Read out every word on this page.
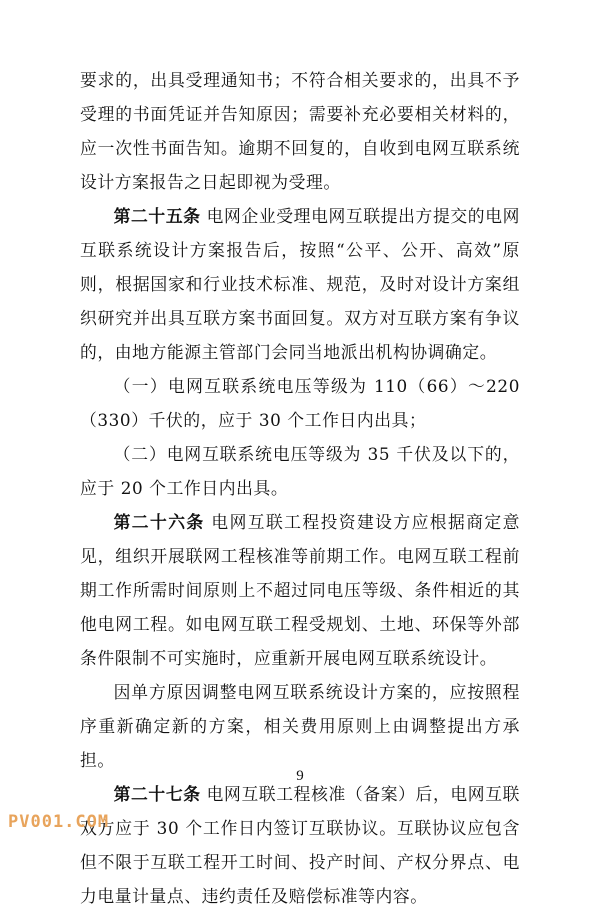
要求的，出具受理通知书；不符合相关要求的，出具不予受理的书面凭证并告知原因；需要补充必要相关材料的，应一次性书面告知。逾期不回复的，自收到电网互联系统设计方案报告之日起即视为受理。

第二十五条 电网企业受理电网互联提出方提交的电网互联系统设计方案报告后，按照“公平、公开、高效”原则，根据国家和行业技术标准、规范，及时对设计方案组织研究并出具互联方案书面回复。双方对互联方案有争议的，由地方能源主管部门会同当地派出机构协调确定。

（一）电网互联系统电压等级为 110（66）～220（330）千伏的，应于 30 个工作日内出具；

（二）电网互联系统电压等级为 35 千伏及以下的，应于 20 个工作日内出具。

第二十六条 电网互联工程投资建设方应根据商定意见，组织开展联网工程核准等前期工作。电网互联工程前期工作所需时间原则上不超过同电压等级、条件相近的其他电网工程。如电网互联工程受规划、土地、环保等外部条件限制不可实施时，应重新开展电网互联系统设计。

因单方原因调整电网互联系统设计方案的，应按照程序重新确定新的方案，相关费用原则上由调整提出方承担。

第二十七条 电网互联工程核准（备案）后，电网互联双方应于 30 个工作日内签订互联协议。互联协议应包含但不限于互联工程开工时间、投产时间、产权分界点、电力电量计量点、违约责任及赔偿标准等内容。

9
PV001.COM
